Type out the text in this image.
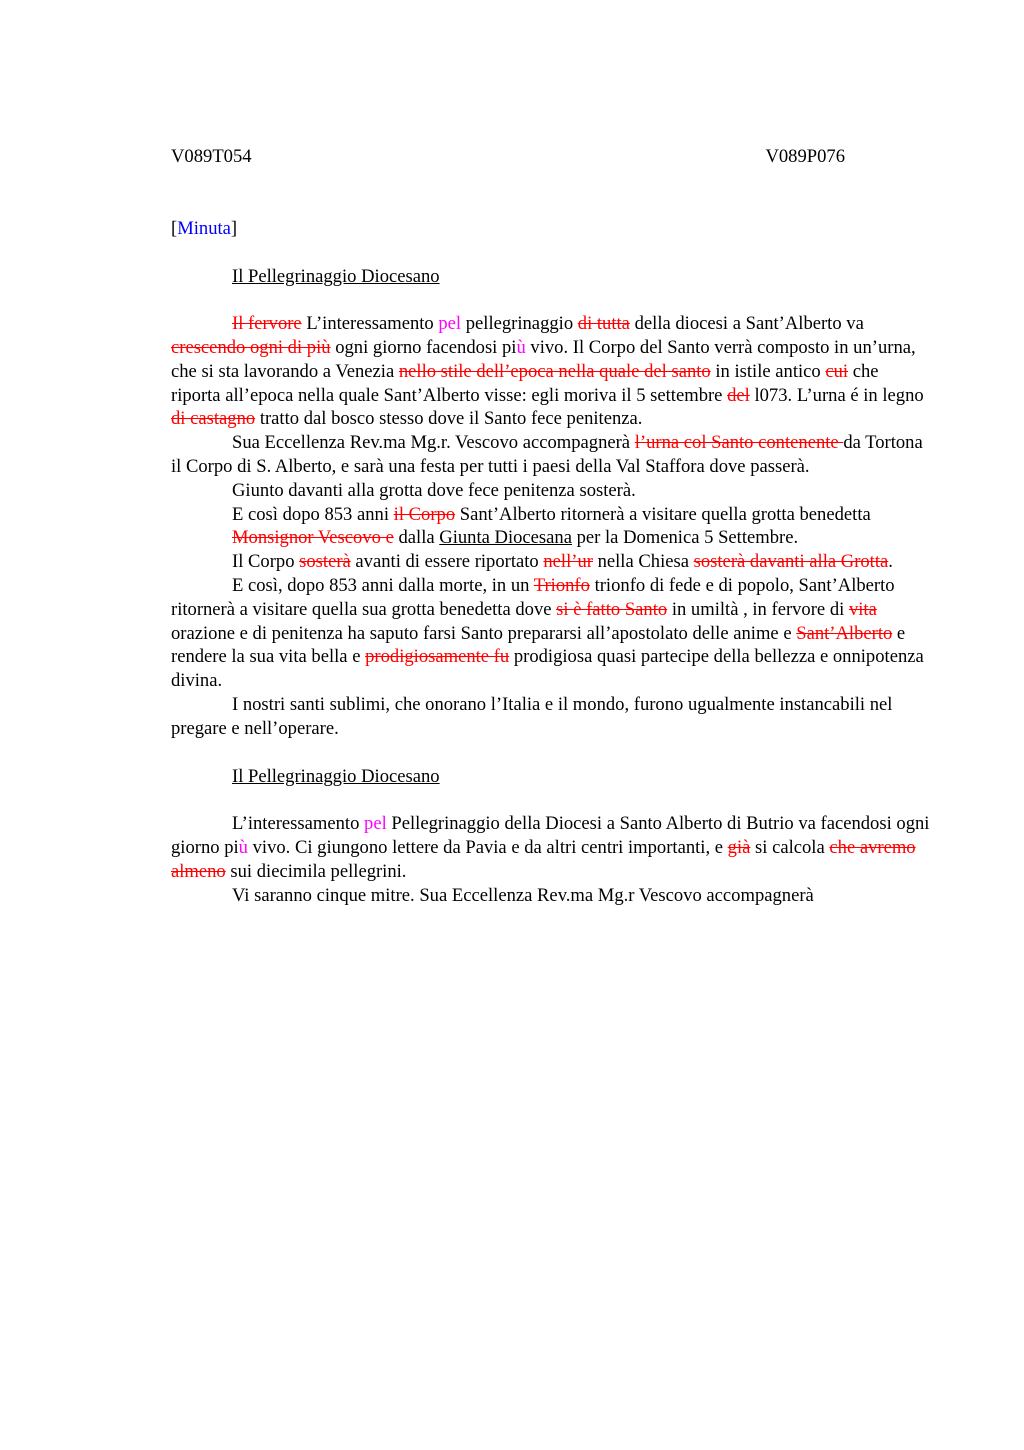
V089T054	V089P076
[Minuta]
Il Pellegrinaggio Diocesano

Il fervore L’interessamento pel pellegrinaggio di tutta della diocesi a Sant’Alberto va crescendo ogni di più ogni giorno facendosi più vivo. Il Corpo del Santo verrà composto in un’urna, che si sta lavorando a Venezia nello stile dell’epoca nella quale del santo in istile antico cui che riporta all’epoca nella quale Sant’Alberto visse: egli moriva il 5 settembre del l073. L’urna é in legno di castagno tratto dal bosco stesso dove il Santo fece penitenza.

Sua Eccellenza Rev.ma Mg.r. Vescovo accompagnerà l’urna col Santo contenente da Tortona il Corpo di S. Alberto, e sarà una festa per tutti i paesi della Val Staffora dove passerà.

Giunto davanti alla grotta dove fece penitenza sosterà.

E così dopo 853 anni il Corpo Sant’Alberto ritornerà a visitare quella grotta benedetta

Monsignor Vescovo e dalla Giunta Diocesana per la Domenica 5 Settembre.

Il Corpo sosterà avanti di essere riportato nell’ur nella Chiesa sosterà davanti alla Grotta.

E così, dopo 853 anni dalla morte, in un Trionfo trionfo di fede e di popolo, Sant’Alberto ritornerà a visitare quella sua grotta benedetta dove si è fatto Santo in umiltà , in fervore di vita orazione e di penitenza ha saputo farsi Santo prepararsi all’apostolato delle anime e Sant’Alberto e rendere la sua vita bella e prodigiosamente fu prodigiosa quasi partecipe della bellezza e onnipotenza divina.

I nostri santi sublimi, che onorano l’Italia e il mondo, furono ugualmente instancabili nel pregare e nell’operare.

Il Pellegrinaggio Diocesano

L’interessamento pel Pellegrinaggio della Diocesi a Santo Alberto di Butrio va facendosi ogni giorno più vivo. Ci giungono lettere da Pavia e da altri centri importanti, e già si calcola che avremo almeno sui diecimila pellegrini.

Vi saranno cinque mitre. Sua Eccellenza Rev.ma Mg.r Vescovo accompagnerà
